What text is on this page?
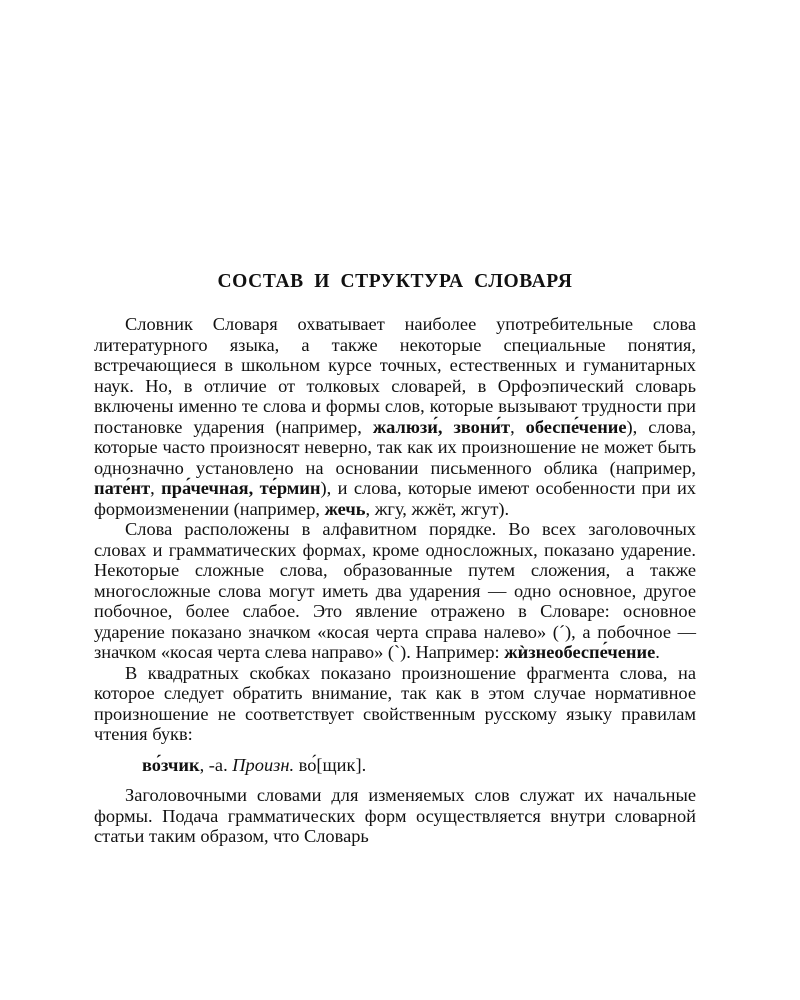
СОСТАВ И СТРУКТУРА СЛОВАРЯ

Словник Словаря охватывает наиболее употребительные слова литературного языка, а также некоторые специальные понятия, встречающиеся в школьном курсе точных, естественных и гуманитарных наук. Но, в отличие от толковых словарей, в Орфоэпический словарь включены именно те слова и формы слов, которые вызывают трудности при постановке ударения (например, жалюзи́, звони́т, обеспе́чение), слова, которые часто произносят неверно, так как их произношение не может быть однозначно установлено на основании письменного облика (например, пате́нт, пра́чечная, те́рмин), и слова, которые имеют особенности при их формоизменении (например, жечь, жгу, жжёт, жгут).

Слова расположены в алфавитном порядке. Во всех заголовочных словах и грамматических формах, кроме односложных, показано ударение. Некоторые сложные слова, образованные путем сложения, а также многосложные слова могут иметь два ударения — одно основное, другое побочное, более слабое. Это явление отражено в Словаре: основное ударение показано значком «косая черта справа налево» (´), а побочное — значком «косая черта слева направо» (`). Например: жѝзнеобеспе́чение.

В квадратных скобках показано произношение фрагмента слова, на которое следует обратить внимание, так как в этом случае нормативное произношение не соответствует свойственным русскому языку правилам чтения букв:

во́зчик, -а. Произн. во́[щик].

Заголовочными словами для изменяемых слов служат их начальные формы. Подача грамматических форм осуществляется внутри словарной статьи таким образом, что Словарь
